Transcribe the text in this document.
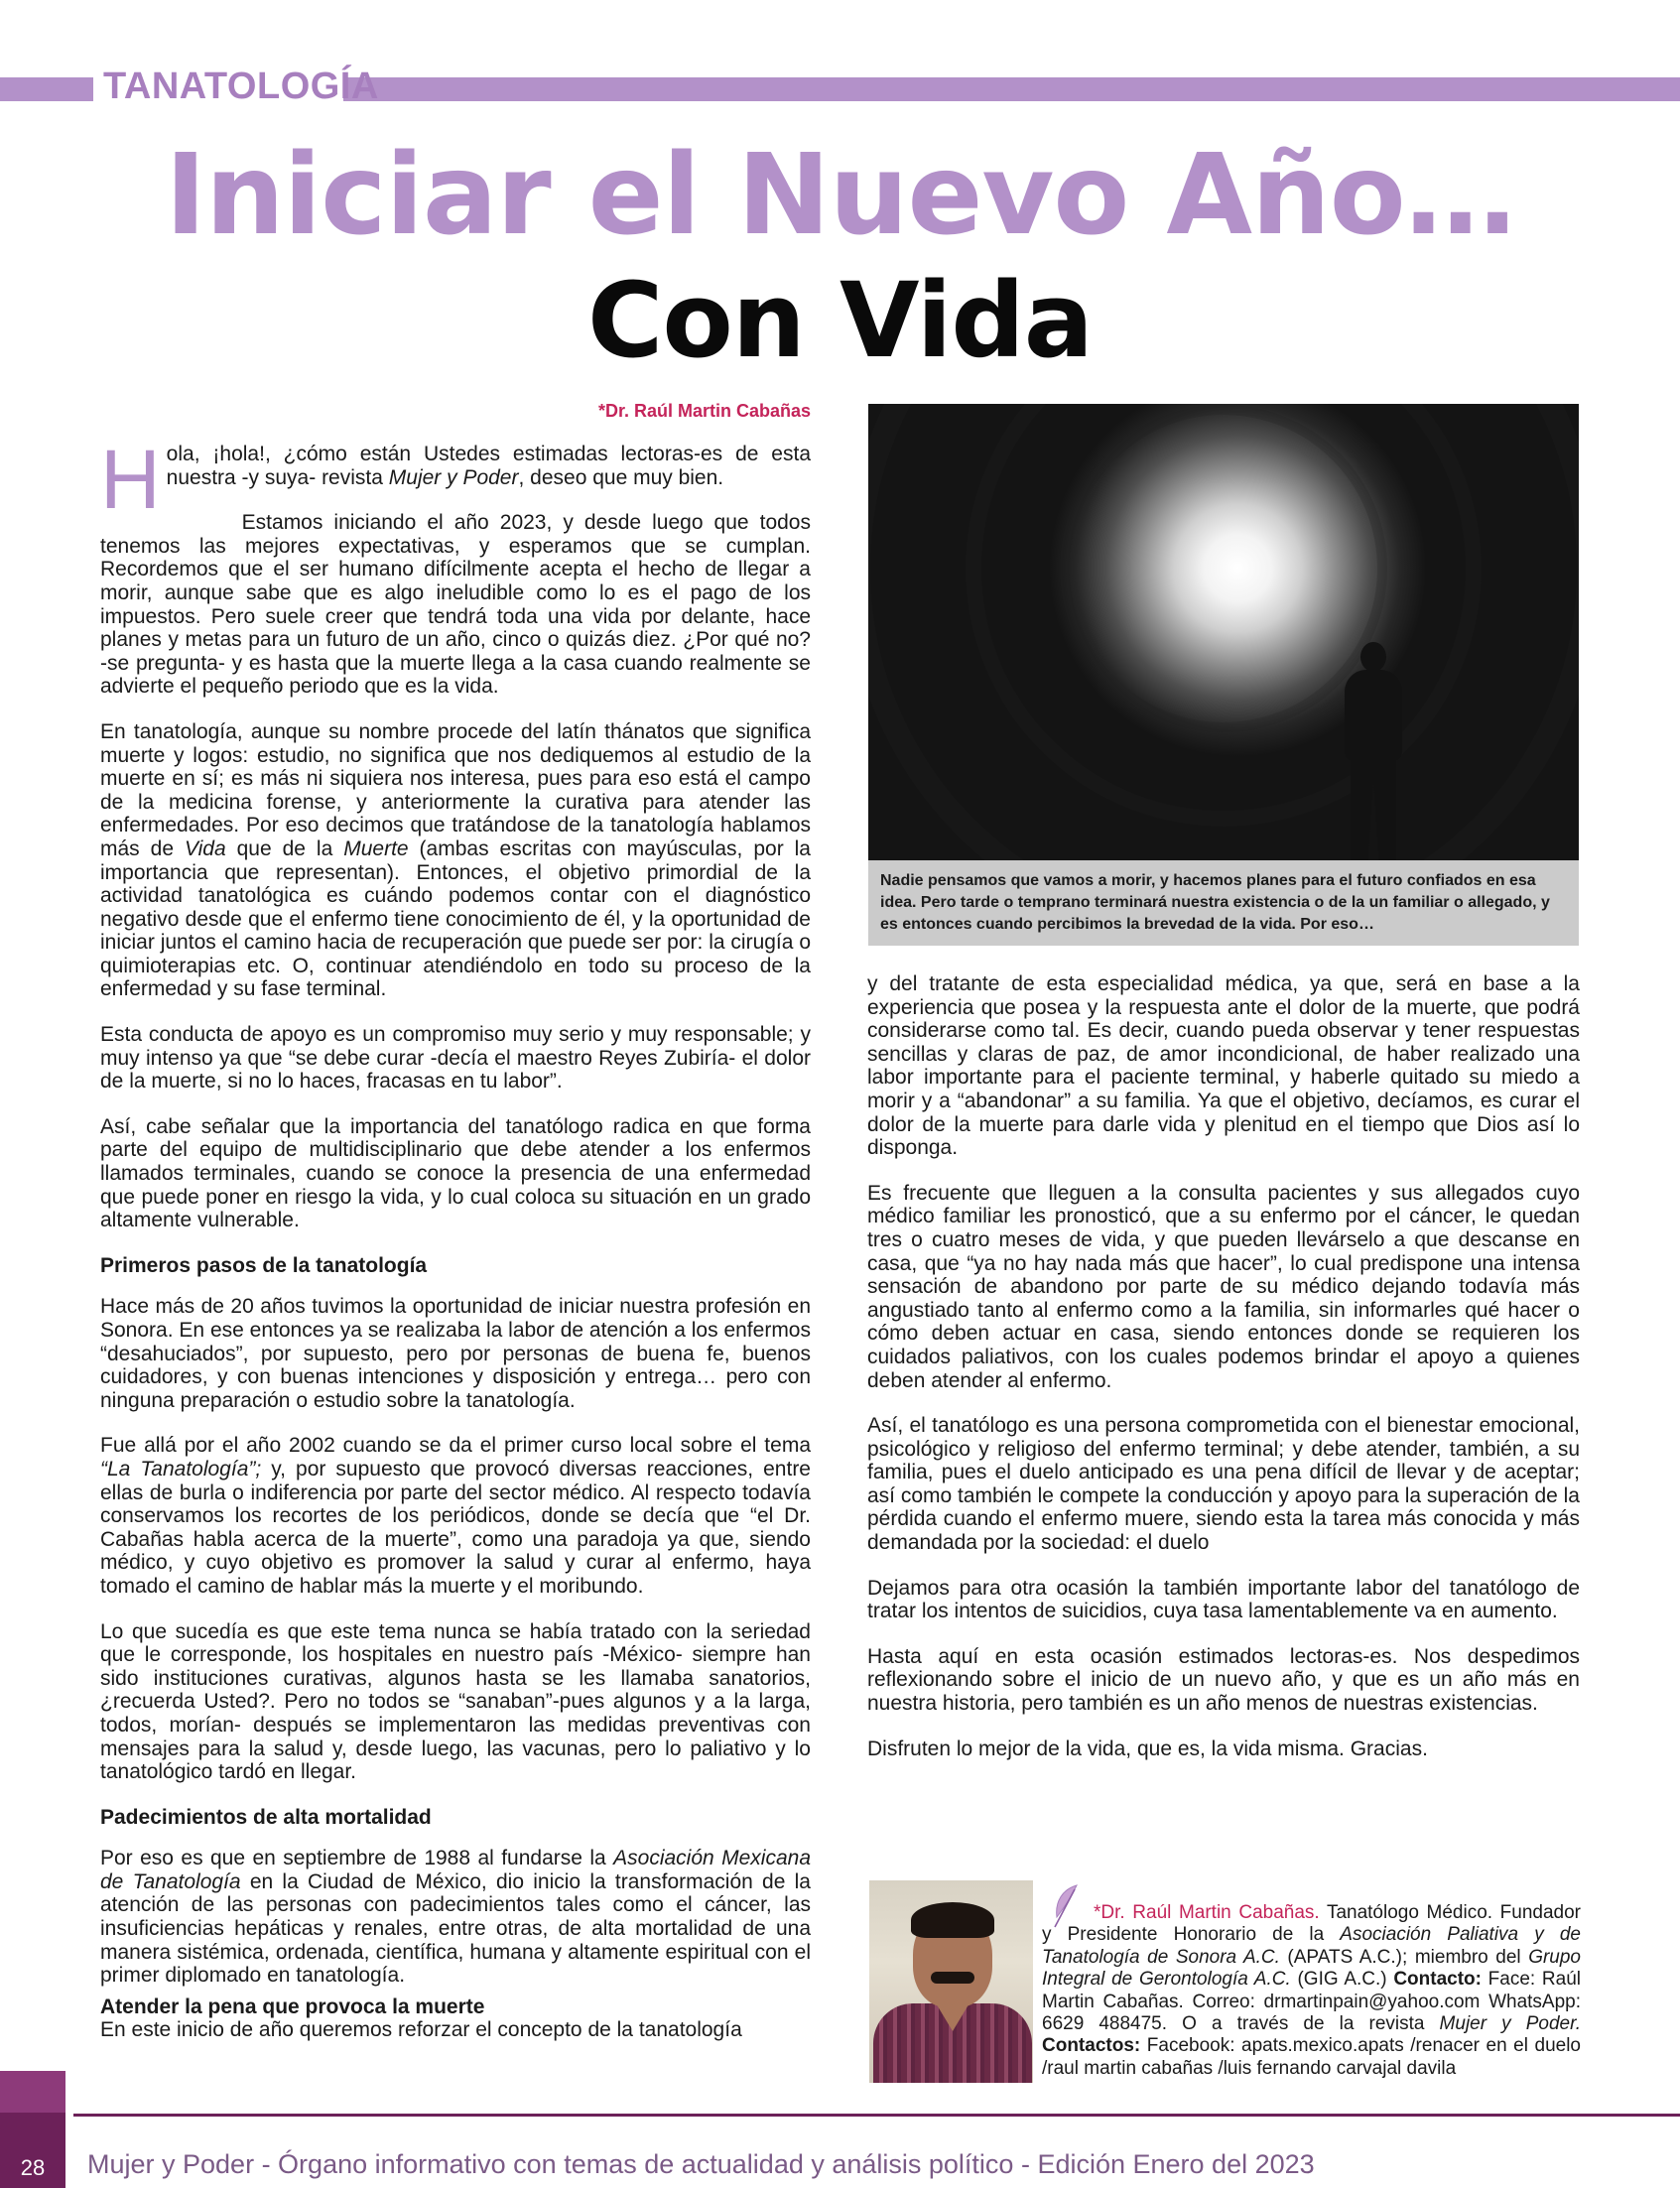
TANATOLOGÍA
Iniciar el Nuevo Año…
Con Vida

*Dr. Raúl Martin Cabañas

Hola, ¡hola!, ¿cómo están Ustedes estimadas lectoras-es de esta nuestra -y suya- revista Mujer y Poder, deseo que muy bien.

Estamos iniciando el año 2023, y desde luego que todos tenemos las mejores expectativas, y esperamos que se cumplan. Recordemos que el ser humano difícilmente acepta el hecho de llegar a morir, aunque sabe que es algo ineludible como lo es el pago de los impuestos. Pero suele creer que tendrá toda una vida por delante, hace planes y metas para un futuro de un año, cinco o quizás diez. ¿Por qué no? -se pregunta- y es hasta que la muerte llega a la casa cuando realmente se advierte el pequeño periodo que es la vida.

En tanatología, aunque su nombre procede del latín thánatos que significa muerte y logos: estudio, no significa que nos dediquemos al estudio de la muerte en sí; es más ni siquiera nos interesa, pues para eso está el campo de la medicina forense, y anteriormente la curativa para atender las enfermedades. Por eso decimos que tratándose de la tanatología hablamos más de Vida que de la Muerte (ambas escritas con mayúsculas, por la importancia que representan). Entonces, el objetivo primordial de la actividad tanatológica es cuándo podemos contar con el diagnóstico negativo desde que el enfermo tiene conocimiento de él, y la oportunidad de iniciar juntos el camino hacia de recuperación que puede ser por: la cirugía o quimioterapias etc. O, continuar atendiéndolo en todo su proceso de la enfermedad y su fase terminal.

Esta conducta de apoyo es un compromiso muy serio y muy responsable; y muy intenso ya que “se debe curar -decía el maestro Reyes Zubiría- el dolor de la muerte, si no lo haces, fracasas en tu labor”.

Así, cabe señalar que la importancia del tanatólogo radica en que forma parte del equipo de multidisciplinario que debe atender a los enfermos llamados terminales, cuando se conoce la presencia de una enfermedad que puede poner en riesgo la vida, y lo cual coloca su situación en un grado altamente vulnerable.

Primeros pasos de la tanatología

Hace más de 20 años tuvimos la oportunidad de iniciar nuestra profesión en Sonora. En ese entonces ya se realizaba la labor de atención a los enfermos “desahuciados”, por supuesto, pero por personas de buena fe, buenos cuidadores, y con buenas intenciones y disposición y entrega… pero con ninguna preparación o estudio sobre la tanatología.

Fue allá por el año 2002 cuando se da el primer curso local sobre el tema “La Tanatología”; y, por supuesto que provocó diversas reacciones, entre ellas de burla o indiferencia por parte del sector médico. Al respecto todavía conservamos los recortes de los periódicos, donde se decía que “el Dr. Cabañas habla acerca de la muerte”, como una paradoja ya que, siendo médico, y cuyo objetivo es promover la salud y curar al enfermo, haya tomado el camino de hablar más la muerte y el moribundo.

Lo que sucedía es que este tema nunca se había tratado con la seriedad que le corresponde, los hospitales en nuestro país -México- siempre han sido instituciones curativas, algunos hasta se les llamaba sanatorios, ¿recuerda Usted?. Pero no todos se “sanaban”-pues algunos y a la larga, todos, morían- después se implementaron las medidas preventivas con mensajes para la salud y, desde luego, las vacunas, pero lo paliativo y lo tanatológico tardó en llegar.

Padecimientos de alta mortalidad

Por eso es que en septiembre de 1988 al fundarse la Asociación Mexicana de Tanatología en la Ciudad de México, dio inicio la transformación de la atención de las personas con padecimientos tales como el cáncer, las insuficiencias hepáticas y renales, entre otras, de alta mortalidad de una manera sistémica, ordenada, científica, humana y altamente espiritual con el primer diplomado en tanatología.

Atender la pena que provoca la muerte

En este inicio de año queremos reforzar el concepto de la tanatología

Nadie pensamos que vamos a morir, y hacemos planes para el futuro confiados en esa idea. Pero tarde o temprano terminará nuestra existencia o de la un familiar o allegado, y es entonces cuando percibimos la brevedad de la vida. Por eso…

y del tratante de esta especialidad médica, ya que, será en base a la experiencia que posea y la respuesta ante el dolor de la muerte, que podrá considerarse como tal. Es decir, cuando pueda observar y tener respuestas sencillas y claras de paz, de amor incondicional, de haber realizado una labor importante para el paciente terminal, y haberle quitado su miedo a morir y a “abandonar” a su familia. Ya que el objetivo, decíamos, es curar el dolor de la muerte para darle vida y plenitud en el tiempo que Dios así lo disponga.

Es frecuente que lleguen a la consulta pacientes y sus allegados cuyo médico familiar les pronosticó, que a su enfermo por el cáncer, le quedan tres o cuatro meses de vida, y que pueden llevárselo a que descanse en casa, que “ya no hay nada más que hacer”, lo cual predispone una intensa sensación de abandono por parte de su médico dejando todavía más angustiado tanto al enfermo como a la familia, sin informarles qué hacer o cómo deben actuar en casa, siendo entonces donde se requieren los cuidados paliativos, con los cuales podemos brindar el apoyo a quienes deben atender al enfermo.

Así, el tanatólogo es una persona comprometida con el bienestar emocional, psicológico y religioso del enfermo terminal; y debe atender, también, a su familia, pues el duelo anticipado es una pena difícil de llevar y de aceptar; así como también le compete la conducción y apoyo para la superación de la pérdida cuando el enfermo muere, siendo esta la tarea más conocida y más demandada por la sociedad: el duelo

Dejamos para otra ocasión la también importante labor del tanatólogo de tratar los intentos de suicidios, cuya tasa lamentablemente va en aumento.

Hasta aquí en esta ocasión estimados lectoras-es. Nos despedimos reflexionando sobre el inicio de un nuevo año, y que es un año más en nuestra historia, pero también es un año menos de nuestras existencias.

Disfruten lo mejor de la vida, que es, la vida misma. Gracias.

*Dr. Raúl Martin Cabañas. Tanatólogo Médico. Fundador y Presidente Honorario de la Asociación Paliativa y de Tanatología de Sonora A.C. (APATS A.C.); miembro del Grupo Integral de Gerontología A.C. (GIG A.C.) Contacto: Face: Raúl Martin Cabañas. Correo: drmartinpain@yahoo.com WhatsApp: 6629 488475. O a través de la revista Mujer y Poder. Contactos: Facebook: apats.mexico.apats /renacer en el duelo /raul martin cabañas /luis fernando carvajal davila
28	Mujer y Poder - Órgano informativo con temas de actualidad y análisis político - Edición Enero del 2023
